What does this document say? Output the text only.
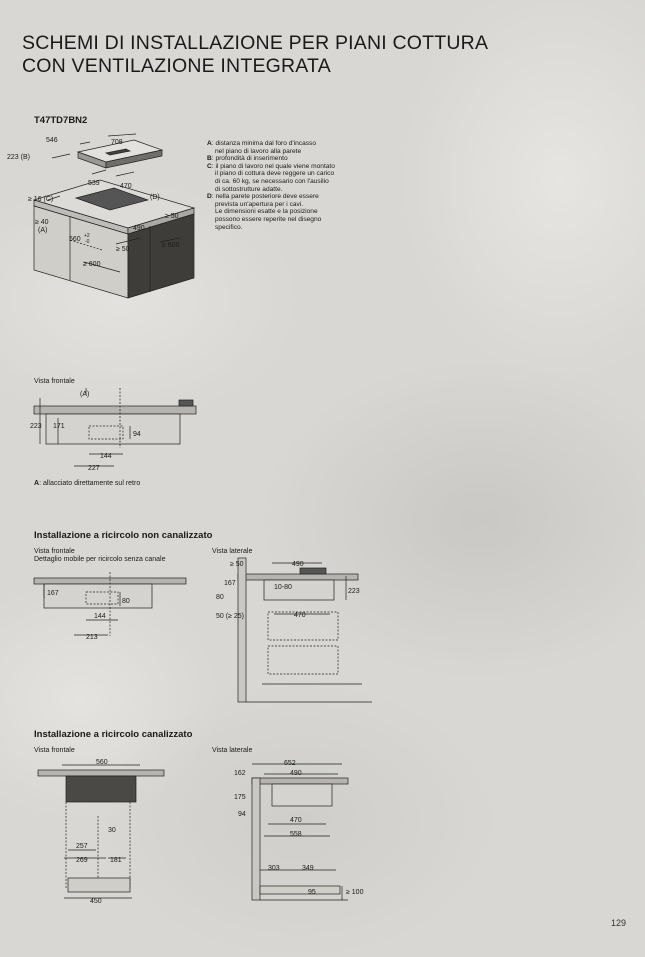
SCHEMI DI INSTALLAZIONE PER PIANI COTTURA
CON VENTILAZIONE INTEGRATA
T47TD7BN2
546	708
223 (B)
539	470
≥ 16 (C)	(D)
≥ 50
≥ 40
(A)	490
560 +2
-0	≥ 600
≥ 50
≥ 600
A: distanza minima dal foro d'incasso
nel piano di lavoro alla parete
B: profondità di inserimento
C: il piano di lavoro nel quale viene montato
il piano di cottura deve reggere un carico
di ca. 60 kg, se necessario con l'ausilio
di sottostrutture adatte.
D: nella parete posteriore deve essere
prevista un'apertura per i cavi.
Le dimensioni esatte e la posizione
possono essere reperite nel disegno
specifico.
Vista frontale
(A)
223 171
94
144
227
A: allacciato direttamente sul retro
Installazione a ricircolo non canalizzato
Vista frontale
Dettaglio mobile per ricircolo senza canale
Vista laterale
167
80
144
213
≥ 50	490
167
10-80
223
80
50 (≥ 25)	470
Installazione a ricircolo canalizzato
Vista frontale	Vista laterale
560
30
257
269	181
450
652
162	490
175
94
470
558
303	349
95	≥ 100
129
